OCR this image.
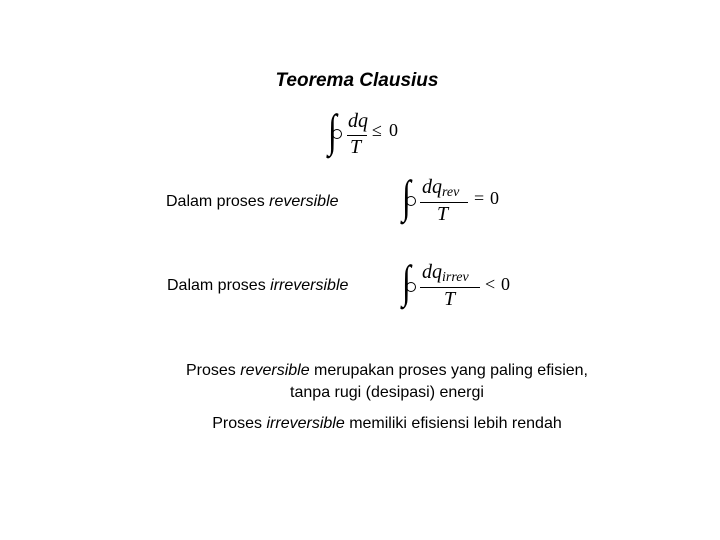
Teorema Clausius
∫ dq
T
≤ 0
Dalam proses reversible ∫ dqrev
T
= 0
Dalam proses irreversible ∫ dqirrev
T
< 0
Proses reversible merupakan proses yang paling efisien,
tanpa rugi (desipasi) energi
Proses irreversible memiliki efisiensi lebih rendah
